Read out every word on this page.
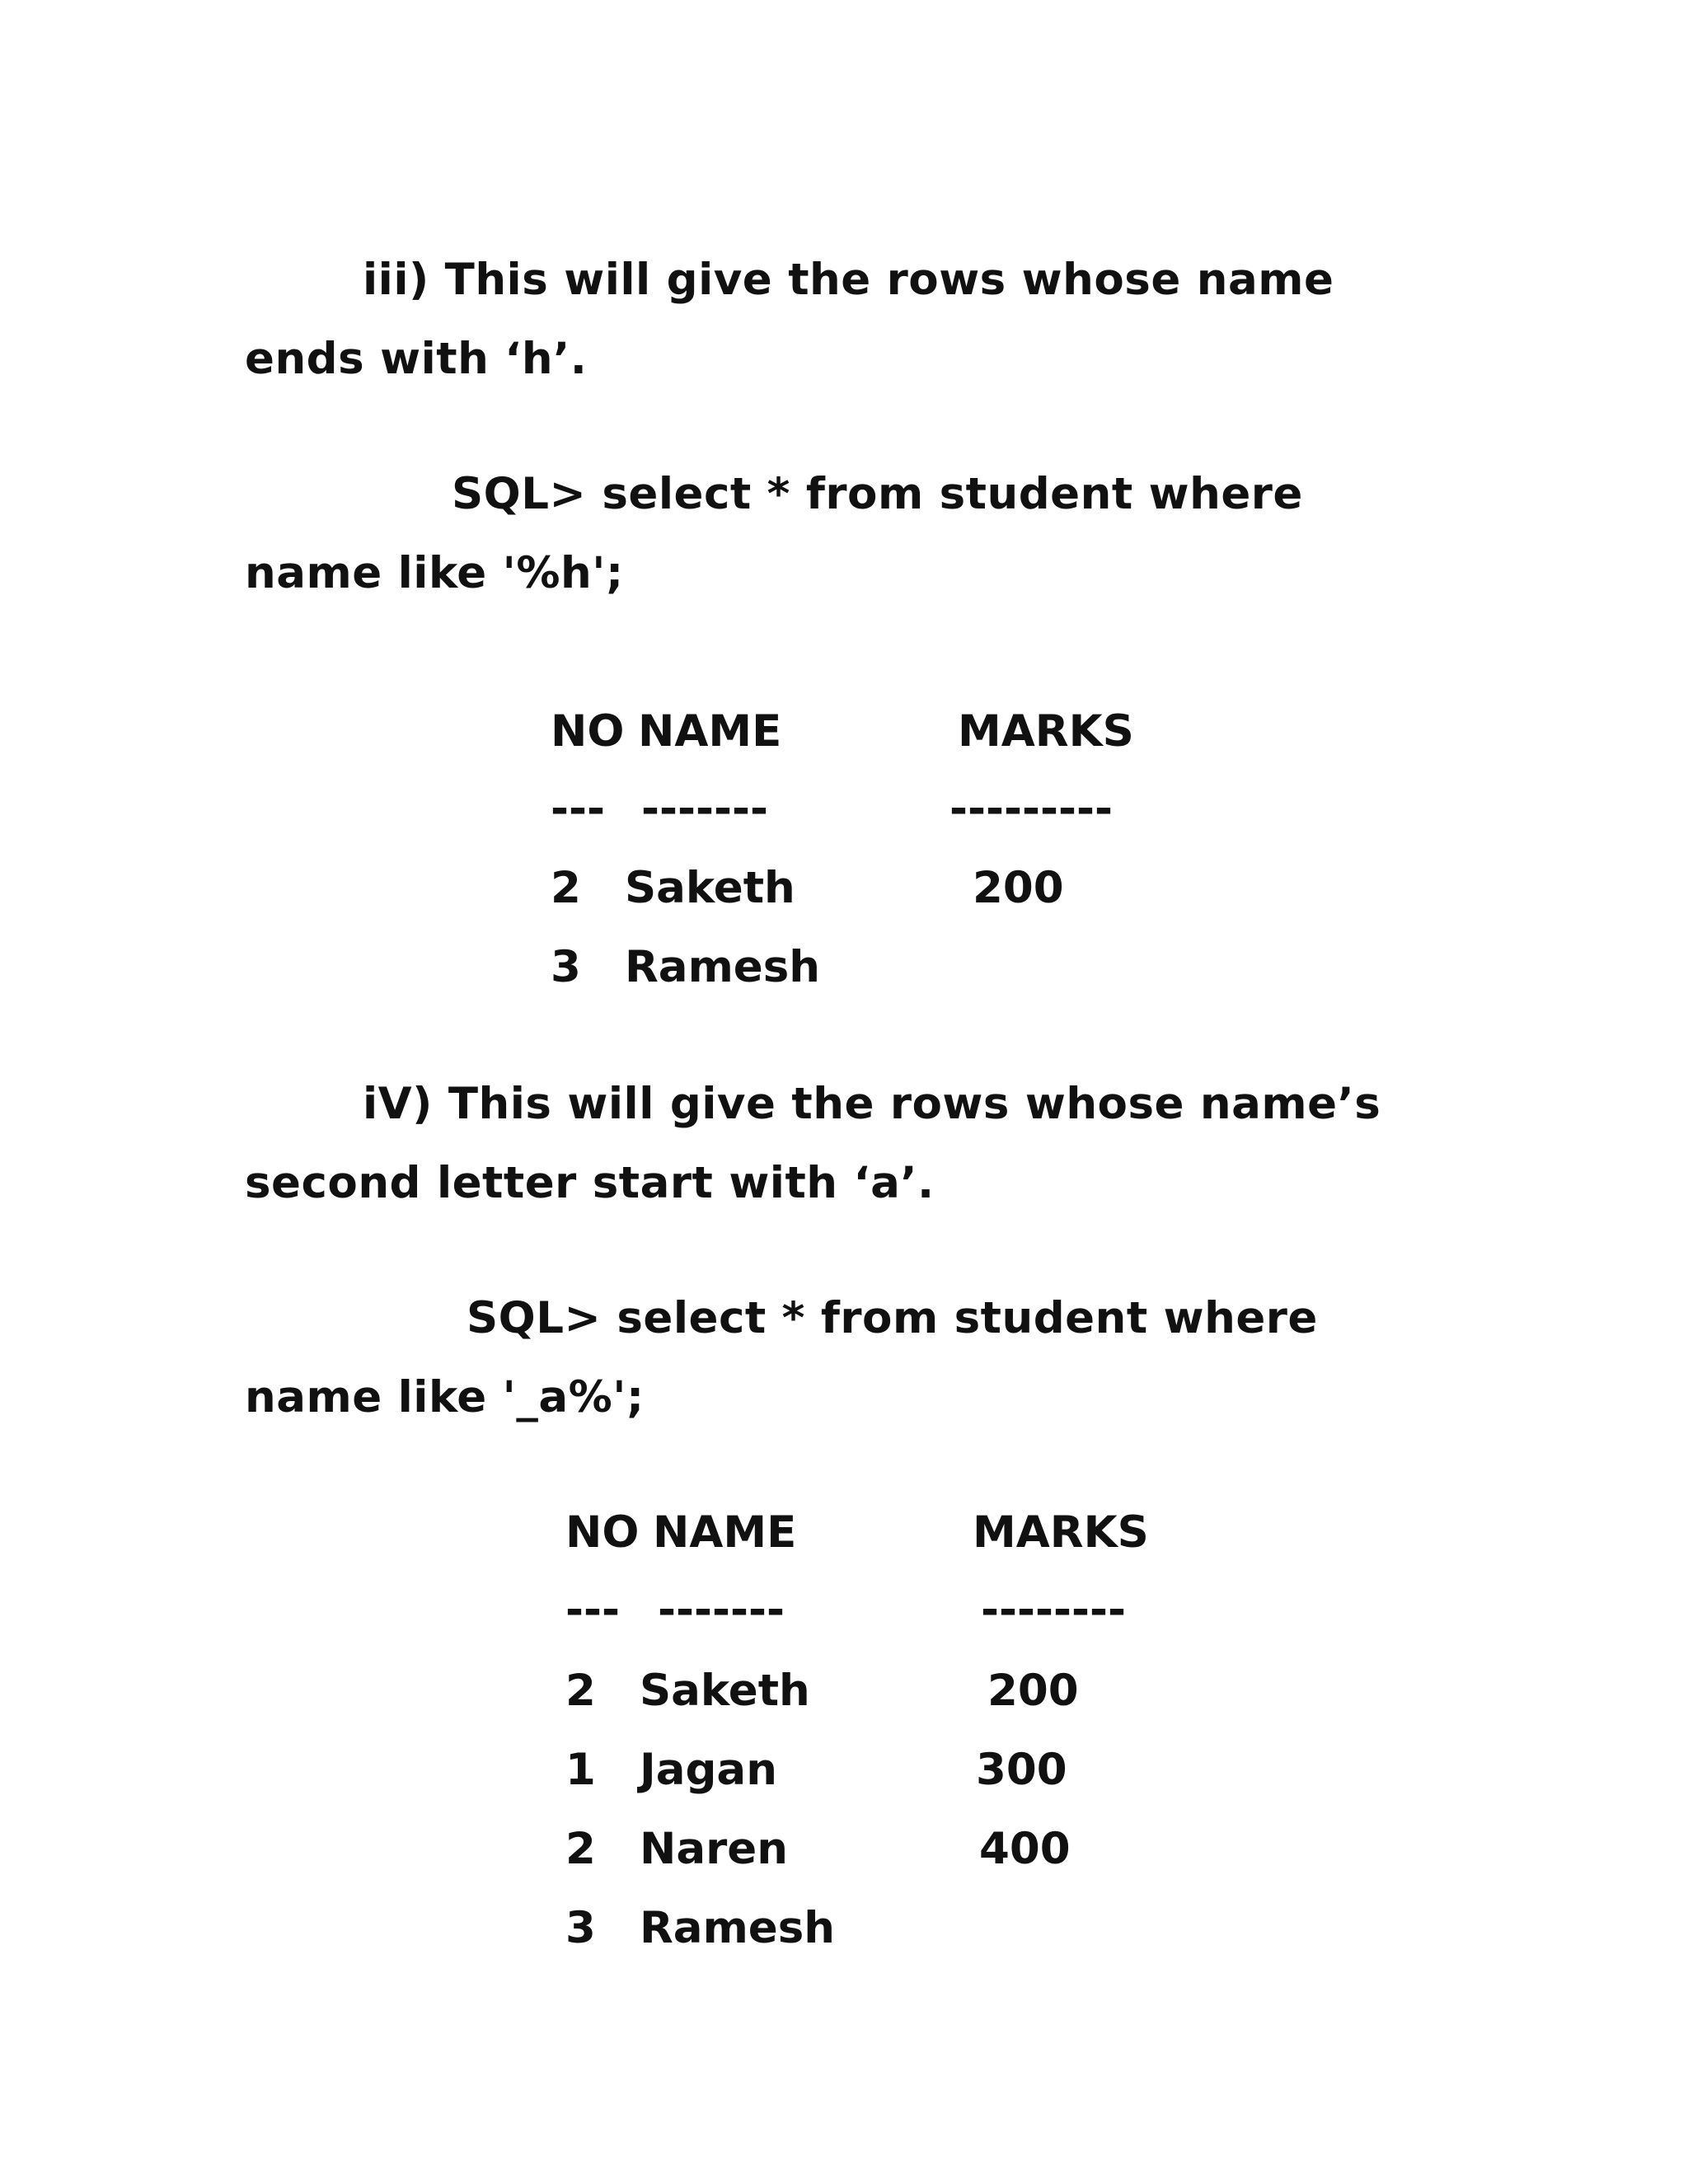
iii) This will give the rows whose name
ends with ‘h’.
SQL> select * from student where
name like '%h';
NO NAME	MARKS
--- -------	---------
2 Saketh	200
3 Ramesh
iV) This will give the rows whose name’s
second letter start with ‘a’.
SQL> select * from student where
name like '_a%';
NO NAME	MARKS
--- -------	--------
2 Saketh	200
1 Jagan	300
2 Naren	400
3 Ramesh
